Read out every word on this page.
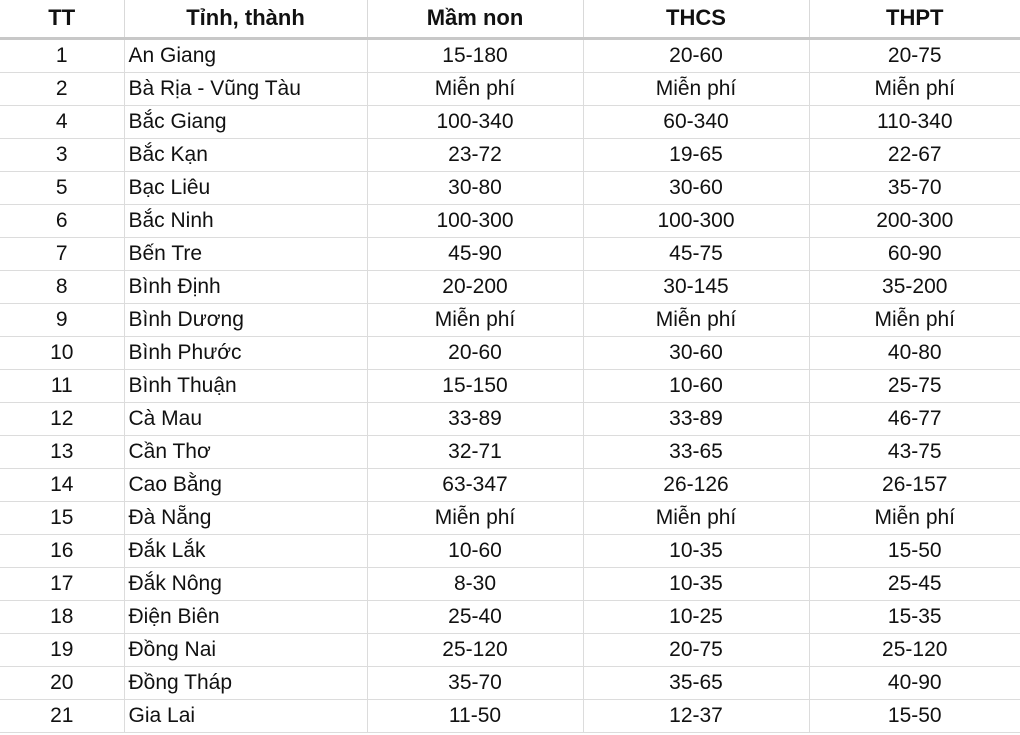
TT	Tỉnh, thành	Mầm non	THCS	THPT
1	An Giang	15-180	20-60	20-75
2	Bà Rịa - Vũng Tàu	Miễn phí	Miễn phí	Miễn phí
4	Bắc Giang	100-340	60-340	110-340
3	Bắc Kạn	23-72	19-65	22-67
5	Bạc Liêu	30-80	30-60	35-70
6	Bắc Ninh	100-300	100-300	200-300
7	Bến Tre	45-90	45-75	60-90
8	Bình Định	20-200	30-145	35-200
9	Bình Dương	Miễn phí	Miễn phí	Miễn phí
10	Bình Phước	20-60	30-60	40-80
11	Bình Thuận	15-150	10-60	25-75
12	Cà Mau	33-89	33-89	46-77
13	Cần Thơ	32-71	33-65	43-75
14	Cao Bằng	63-347	26-126	26-157
15	Đà Nẵng	Miễn phí	Miễn phí	Miễn phí
16	Đắk Lắk	10-60	10-35	15-50
17	Đắk Nông	8-30	10-35	25-45
18	Điện Biên	25-40	10-25	15-35
19	Đồng Nai	25-120	20-75	25-120
20	Đồng Tháp	35-70	35-65	40-90
21	Gia Lai	11-50	12-37	15-50
